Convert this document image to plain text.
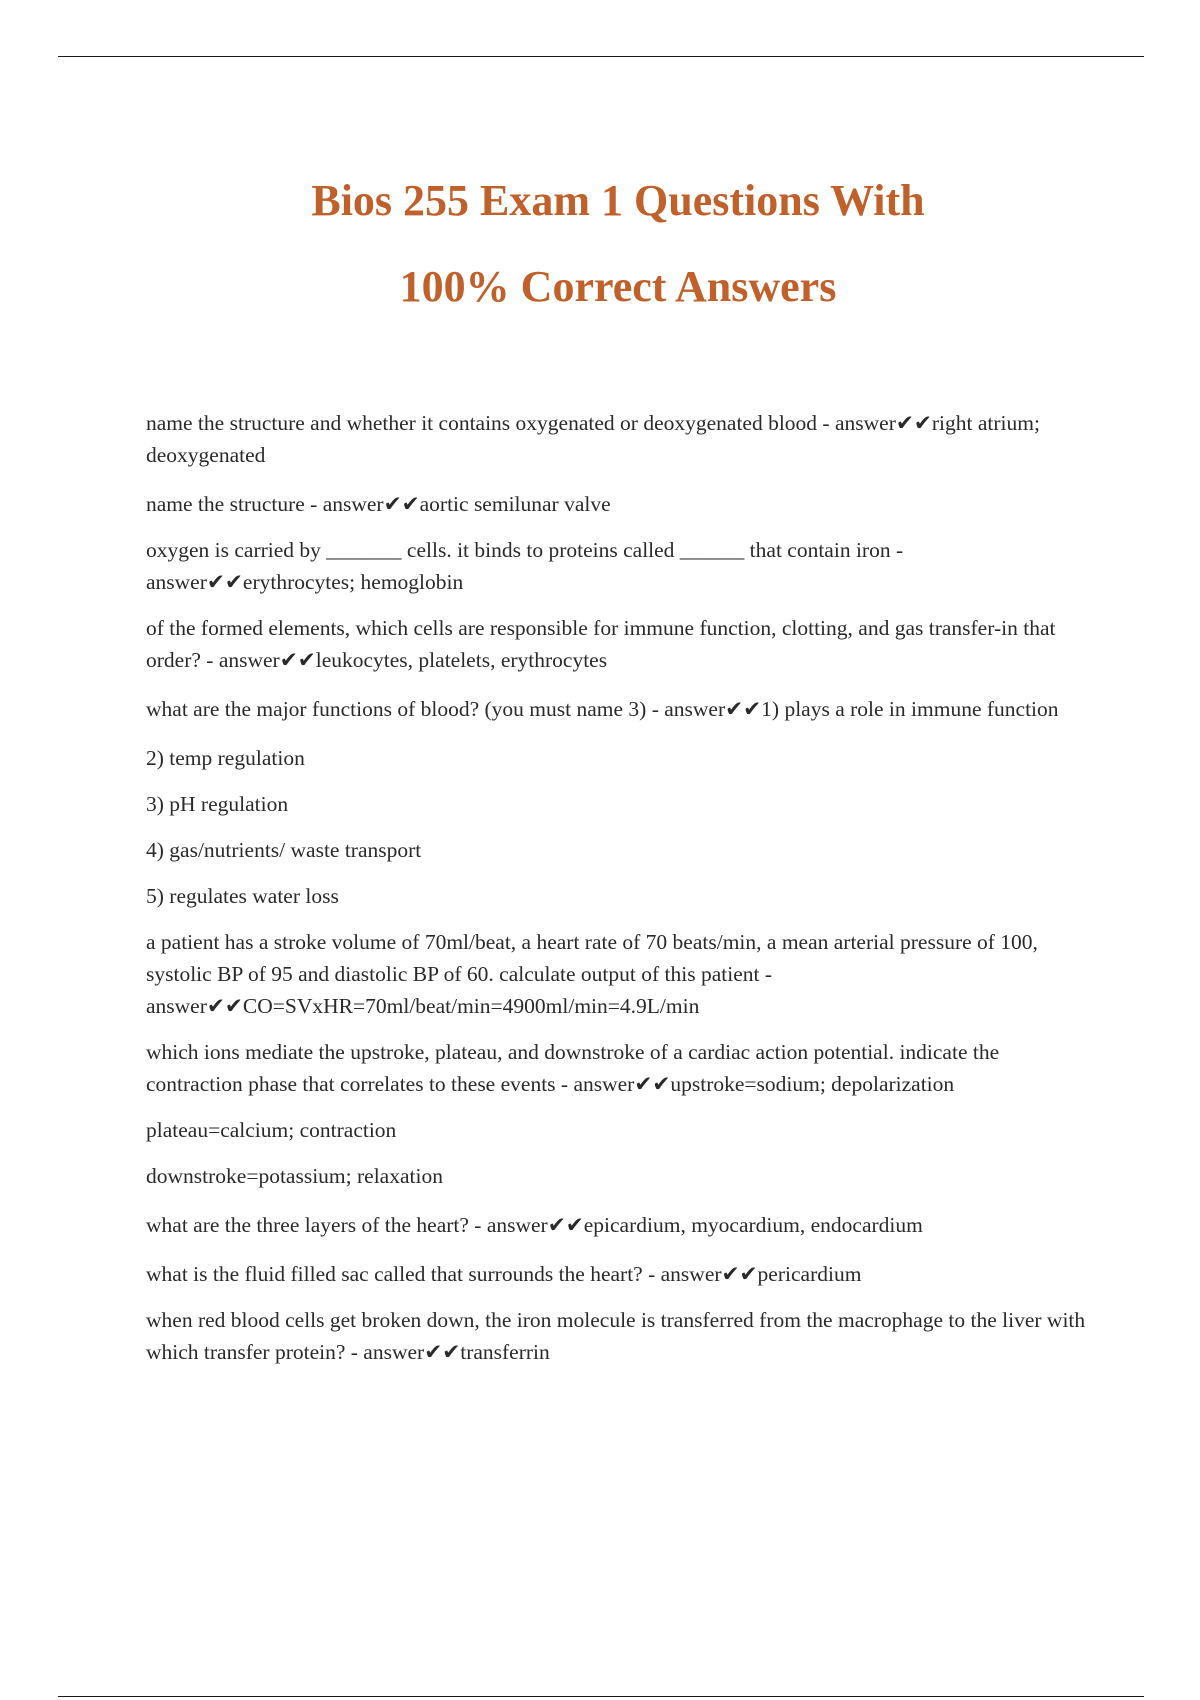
Bios 255 Exam 1 Questions With
100% Correct Answers

name the structure and whether it contains oxygenated or deoxygenated blood - answer✔✔right atrium; deoxygenated

name the structure - answer✔✔aortic semilunar valve

oxygen is carried by _______ cells. it binds to proteins called ______ that contain iron - answer✔✔erythrocytes; hemoglobin

of the formed elements, which cells are responsible for immune function, clotting, and gas transfer-in that order? - answer✔✔leukocytes, platelets, erythrocytes

what are the major functions of blood? (you must name 3) - answer✔✔1) plays a role in immune function

2) temp regulation

3) pH regulation

4) gas/nutrients/ waste transport

5) regulates water loss

a patient has a stroke volume of 70ml/beat, a heart rate of 70 beats/min, a mean arterial pressure of 100, systolic BP of 95 and diastolic BP of 60. calculate output of this patient - answer✔✔CO=SVxHR=70ml/beat/min=4900ml/min=4.9L/min

which ions mediate the upstroke, plateau, and downstroke of a cardiac action potential. indicate the contraction phase that correlates to these events - answer✔✔upstroke=sodium; depolarization

plateau=calcium; contraction

downstroke=potassium; relaxation

what are the three layers of the heart? - answer✔✔epicardium, myocardium, endocardium

what is the fluid filled sac called that surrounds the heart? - answer✔✔pericardium

when red blood cells get broken down, the iron molecule is transferred from the macrophage to the liver with which transfer protein? - answer✔✔transferrin
